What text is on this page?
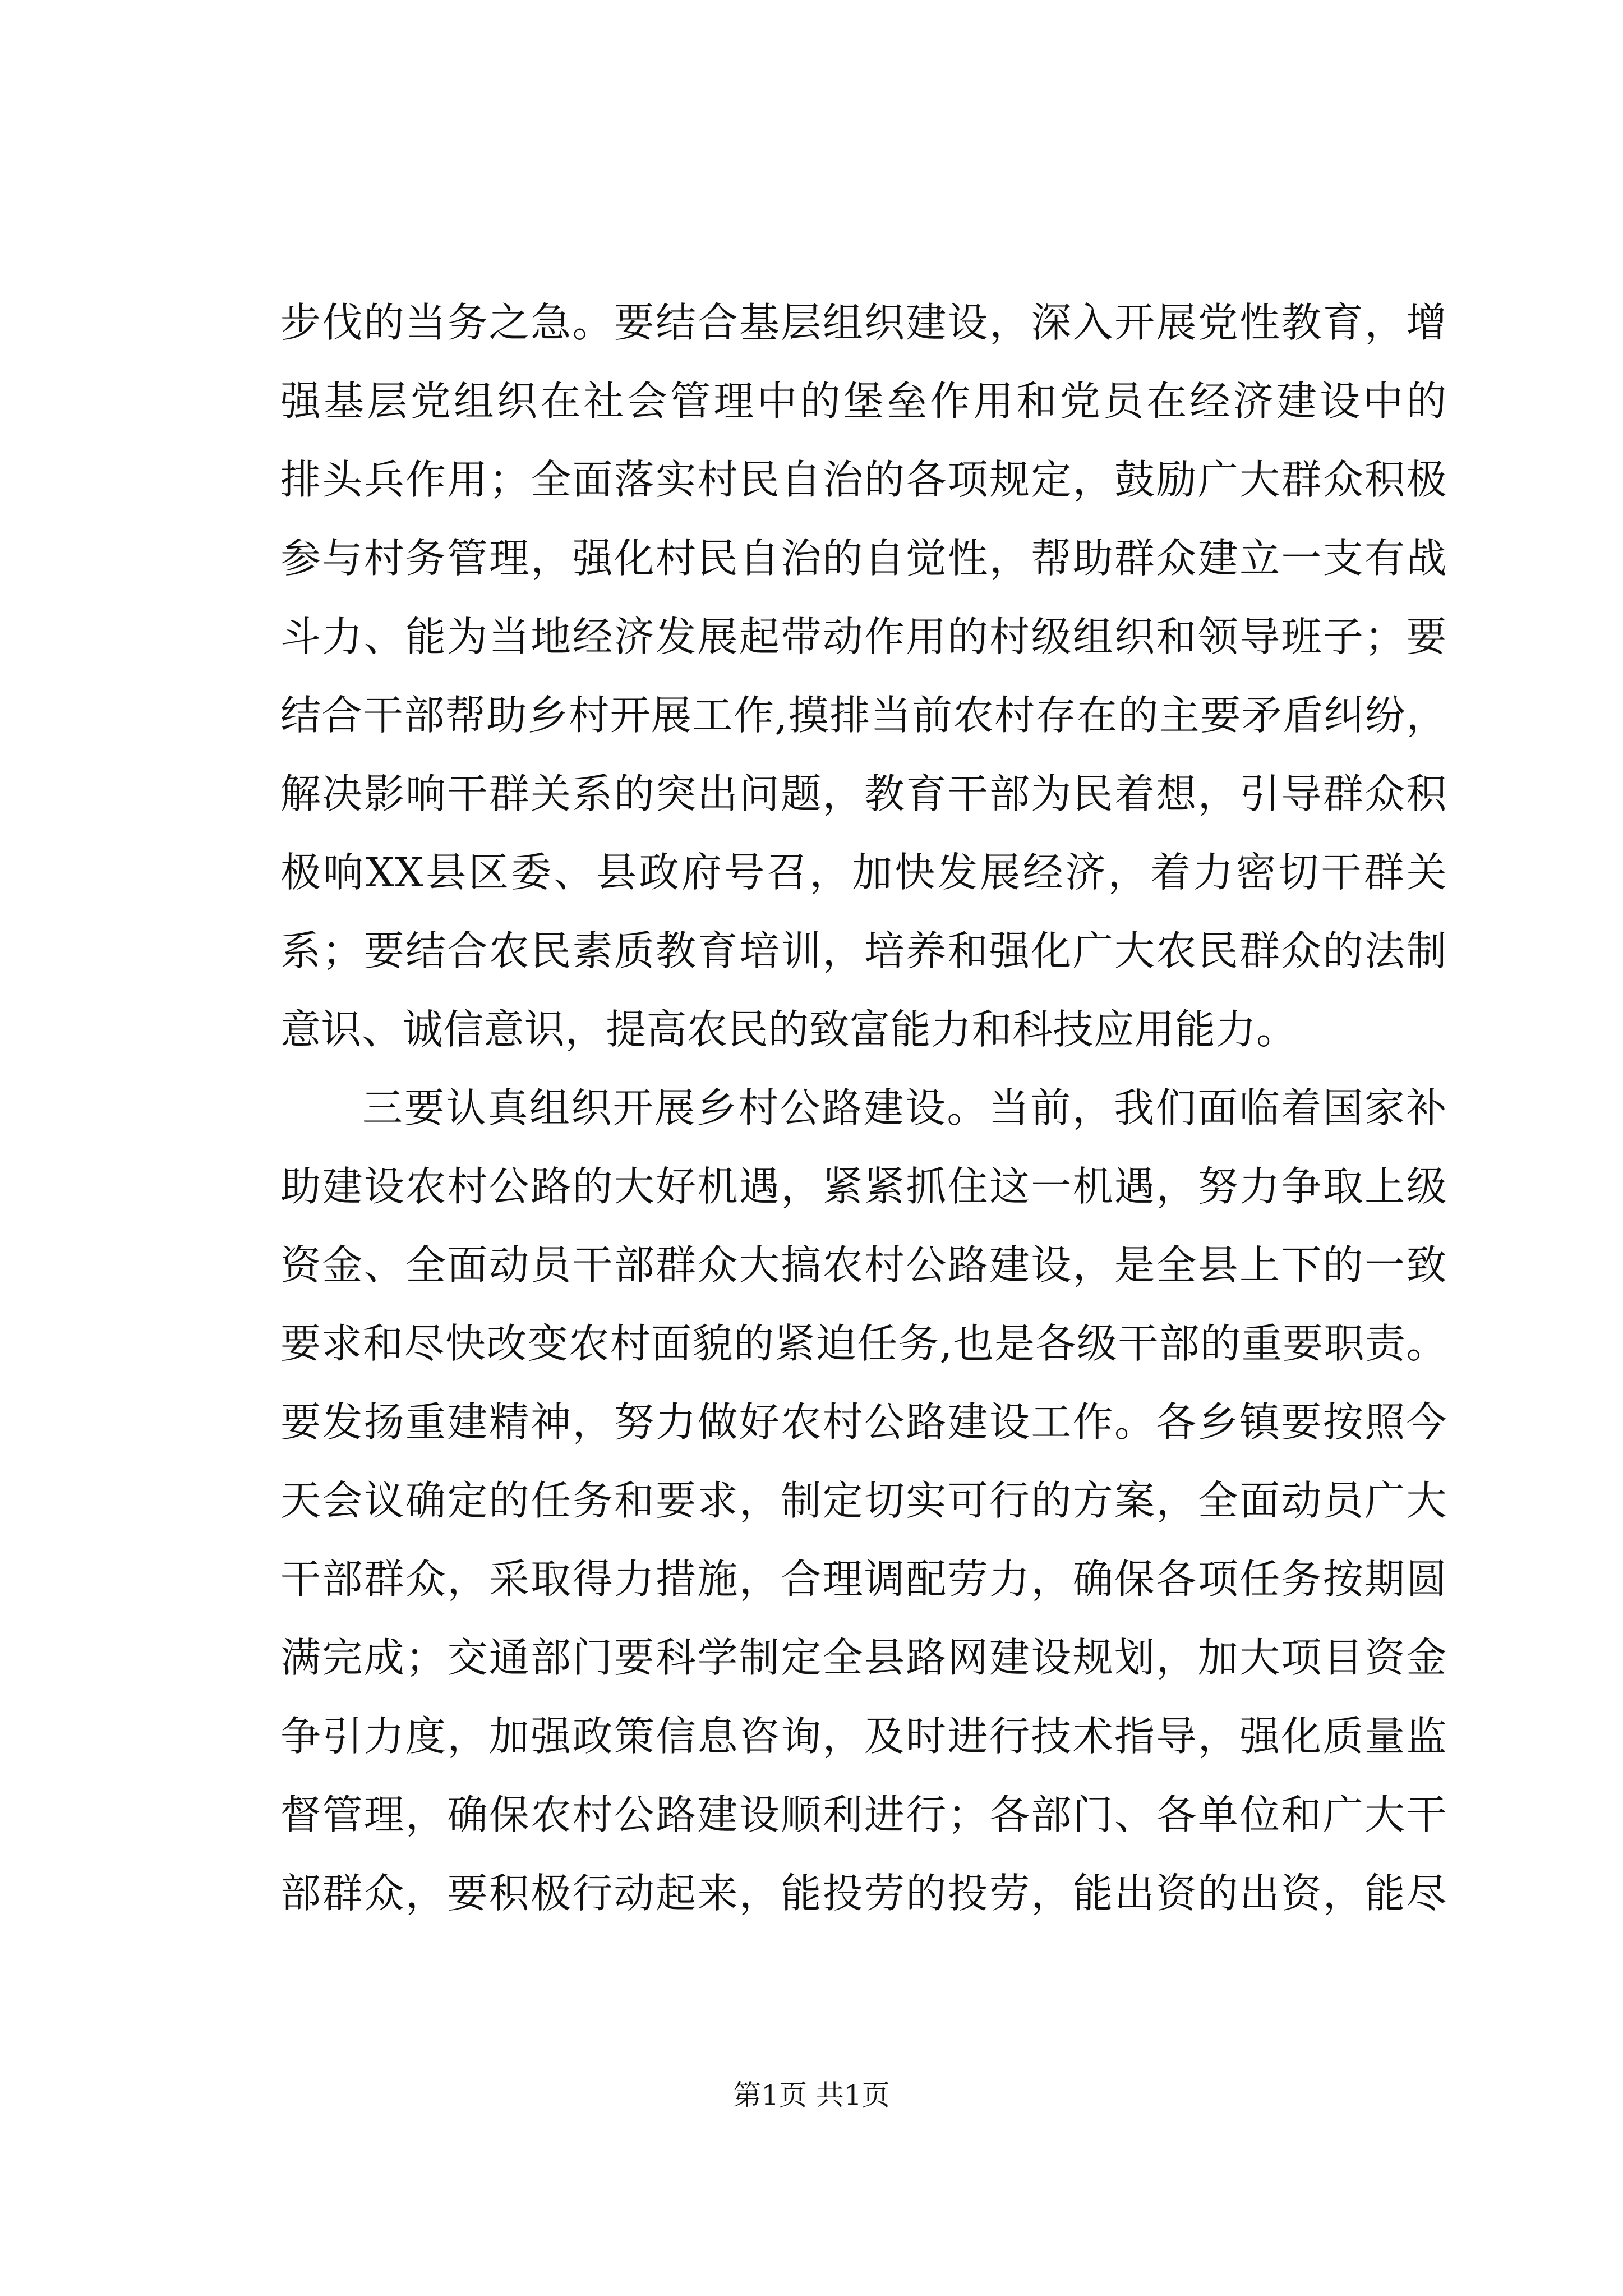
步伐的当务之急。要结合基层组织建设，深入开展党性教育，增
强基层党组织在社会管理中的堡垒作用和党员在经济建设中的
排头兵作用；全面落实村民自治的各项规定，鼓励广大群众积极
参与村务管理，强化村民自治的自觉性，帮助群众建立一支有战
斗力、能为当地经济发展起带动作用的村级组织和领导班子；要
结合干部帮助乡村开展工作,摸排当前农村存在的主要矛盾纠纷，
解决影响干群关系的突出问题，教育干部为民着想，引导群众积
极响XX县区委、县政府号召，加快发展经济，着力密切干群关
系；要结合农民素质教育培训，培养和强化广大农民群众的法制
意识、诚信意识，提高农民的致富能力和科技应用能力。
三要认真组织开展乡村公路建设。当前，我们面临着国家补
助建设农村公路的大好机遇，紧紧抓住这一机遇，努力争取上级
资金、全面动员干部群众大搞农村公路建设，是全县上下的一致
要求和尽快改变农村面貌的紧迫任务,也是各级干部的重要职责。
要发扬重建精神，努力做好农村公路建设工作。各乡镇要按照今
天会议确定的任务和要求，制定切实可行的方案，全面动员广大
干部群众，采取得力措施，合理调配劳力，确保各项任务按期圆
满完成；交通部门要科学制定全县路网建设规划，加大项目资金
争引力度，加强政策信息咨询，及时进行技术指导，强化质量监
督管理，确保农村公路建设顺利进行；各部门、各单位和广大干
部群众，要积极行动起来，能投劳的投劳，能出资的出资，能尽
第1页 共1页
